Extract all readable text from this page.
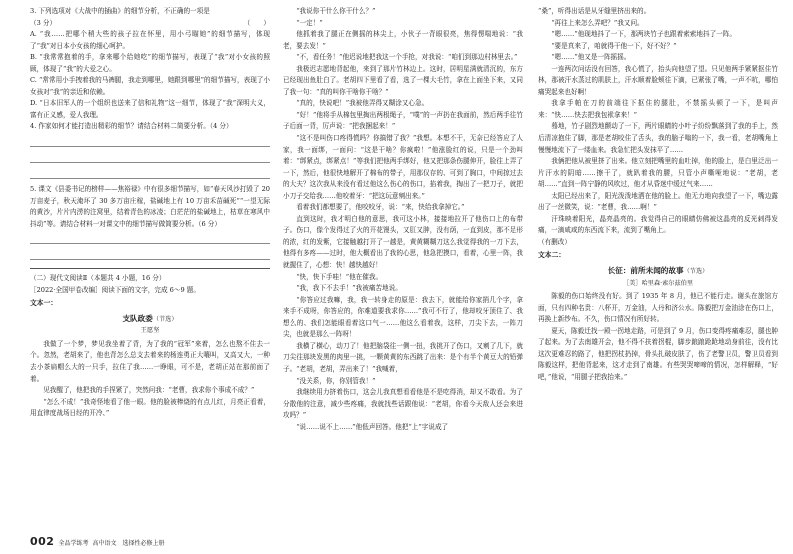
3. 下列选项对《大战中的插曲》的细节分析，不正确的一项是
（3 分）	（　　）

A. “我……把哪个稍大些的孩子拉在怀里，用小弓瞄她”的细节描写，体现了“我”对日本小女孩的细心呵护。

B. “我常常抱着的手，拿来哪个给她吃”的细节描写，表现了“我”对小女孩的照顾，体现了“我”的大爱之心。

C. “常常用小手拽着我的马裤腿，我走到哪里，她跟到哪里”的细节描写，表现了小女孩对“我”的亲近和依赖。

D. “日本旧军人的一个组织也送来了信和礼物”这一细节，体现了“我”深明大义，富有正义感，爱人我理。

4. 作家如何才能打造出精彩的细节？请结合材料二简要分析。（4 分）

5. 课文《县委书记的榜样——焦裕禄》中有很多细节描写，如“春天风沙打毁了 20 万亩麦子，秋天淹坏了 30 多万亩庄稼，盐碱地上有 10 万亩禾苗碱死”“一望无际的黄沙，片片内涝的注窝里，结着青色的冰凌；白茫茫的盐碱地上，枯草在寒风中抖动”等。请结合材料一对课文中的细节描写做简要分析。（6 分）

（二）现代文阅读Ⅱ（本题共 4 小题，16 分）

［2022·全国甲卷改编］阅读下面的文字，完成 6～9 题。

文本一：
支队政委（节选）
王愿坚

我做了一个梦，梦见我坐着了背，为了我的“冠军”来着，怎么也熬不住去一个。忽然，老胡来了，他也背怎么总支去着来的杨连勇正大嚷叫，又高又大，一种去小茶扁帽么大的一只手，拉住了我……一睁眼，可不是，老胡正站在那前面了着。

见我醒了，他把我的手捏紧了，突然问我：“老曹，我求你个事成不成？”

“怎么不成！”我奇怪地看了他一眼。他的脸被棒烧的有点儿红，月亮正看着，用直律度战场日经的开冷、”

“我说你干什么你干什么？”

“一定！”

他抓着我了腿正在侧摇的林尖上，小伙子一背眼很亮，焦得愣喘地说：“我老，要去发！”

“不，看任务！”他迟说地把我这一个手抢，对我说：“咱们到那边村林里去。”

我极迟志愿地背起他，来到了那片竹林边上。这时，居明星满就清沉的，东方已经现出鱼肚白了。老胡四下里看了看，选了一棵大毛竹，拿在上面坐下来，又同了我一句：“真的叫你干啥你干啥？”

“真的，快说吧！”我被他弄得又糊涂又心急。

“好！”他将手从棉包里掏出两根绳子，“噗”的一声扔在我面前，然后两手往竹子后面一背，厉声说：“把我捆起来！”

“这不是叫伤口疼得慌吗？你搞错了我？”我想。本想不干，无奈已经答应了人家，我一面绑，一面问：“这是干啥？你疯啦！”他涨脸红的说，只是一个劲叫着：“绑紧点，绑紧点！”等我们把他两手绑好，他又把那条伤腿伸开，脸往上弄了一下，然后，他很快地解开了棉布的带子，用那仅存的、可到了胸口，中间掠过去的大夫？这次我从来没有看过他这么伤心的伤口，掐着我，掏出了一把刀子，就把小刀子交给我……他咬着牙：“把这玩意剜出来。”

看着我们都想要了，他咬咬牙，说：“来，快给我拿掉它。”

直到这时，我才明白他的意思，我可这小林，接接地拉开了他伤口上的布带子。伤口，像个发得过了火的开花馒头，又肛又肿，没有荫，一直到皮，那不足形的浓，红的发紫，它接触越打开了一越是，黄黄糊糊刀这么我觉得我的一刀下去，他得有多疼——过时，他大概看出了我的心思，他急把摸口，看着，心里一阵，我就握住了，心想：快！越快越好！

“快，快下手哇！”他在催我。

“我，我下不去手！”我被痛苦地说。

“你答应过我嘛，我，我一转身走的原是：我去下，就能给你家捎几个字，拿来手不成呀，你答应的，你难道要我求你……”我可不行了，他却咬牙顶住了、我想么的、我们怎能眼看着这口气一……他这么看着我，这样，刀尖下去，一阵刀尖，也就是那么一阵呀！

我横了横心，动刀了！他把脑袋往一侧一扭，我挑开了伤口，又剜了几下，就刀尖往那块发黑的肉里一挑，一颗黄黄的东西跳了出来：是个有半个黄豆大的铅弹子。“老胡，老胡，弄出来了！”我喊着，

“没关系，你，你别管我！”

我继续用力挤着伤口，这会儿我真想看看他是不是吃得消，却又不敢看。为了分散他的注意，减少些疼痛，我就找些话跟他说：“老胡，你看今天敌人还会来进攻吗？”

“说……说不上……”他低声回答。他把“上”字说成了

“桑”，听得出话是从牙缝里挤出来的。

“再往上来怎么弄吧？”我又问。

“嗯……”他现地抖了一下，那两块竹子也跟着索索地抖了一阵。

“要是真来了，咱就得干他一下，好不好？”

“嗯……”他又是一阵摇摇。

一连两次问话没有回答，我心慌了，抬头向他望了望。只见他两手紧紧抠住竹林，那被汗水蒸过的肌肤上，汗水顺着脸颊往下滴，已紧张了嘴，一声不吭，哪怕痛哭起来也好啊！

我拿手帕在刀的前端往下抠住的腿肚，不禁摇头顿了一下，是叫声来：“快……快去把我包袱拿来！”

蓦地，竹子剧烈地颤动了一下，两片眼睛的小叶子纷纷飘落到了我的手上，然后清凉抱住了脚，那是老胡咬住了舌头，我的脑子嗡的一下，我一看，老胡嘴角上慢慢地流下了一缕血来。我急忙把头发抹平了……

我俩把他从被里挤了出来。他立刻把嘴里的血吐掉，他的脸上，是白里泛出一片汗水的阴暗……擦干了，就趴着我的腰，只管小声嘶哑地说：“老胡，老胡……”直到一阵宁静的风吹过，他才从昏迷中缓过气来……

太阳已经出来了，阳光泼泼地洒在他的脸上。他无力地向我望了一下，嘴边露出了一丝微笑，说：“老曹，我……啊！”

汗珠映着阳光，晶亮晶亮的。我觉得自己的眼睛仿佛被这晶亮的反光刺得发痛，一滴咸咸的东西流下来，流到了嘴角上。

（有删改）

文本二：
长征：前所未闻的故事（节选）
［美］哈里森·索尔兹伯里

陈毅的伤口始终没有好。到了 1935 年 8 月，他已不能行走。谢头在旅馆方面，只有四种名贵：八杯开，万金油，人丹和济公水。陈毅把万金油涂在伤口上，再换上新纱布。不久，伤口情况有所好转。

夏天，陈毅迁找一殿一拐地走路，可是到了 9 月，伤口变得疼痛难忍，腿也肿了起来。为了去南雄开会，他不得不扶着拐棍，脚步踉踉跄跄地动身前往，没有比这次更难忍的路了，他把拐杖扔掉，骨头扎破皮肤了，伤了老警卫员，警卫员看到陈毅这样，把他背起来，这才走到了南雄。有些哭哭啼啼的情况，怎样解释，“好吧，”他说，“用腿子把我抬来。”

002 全品学练考 高中语文　选择性必修上册
